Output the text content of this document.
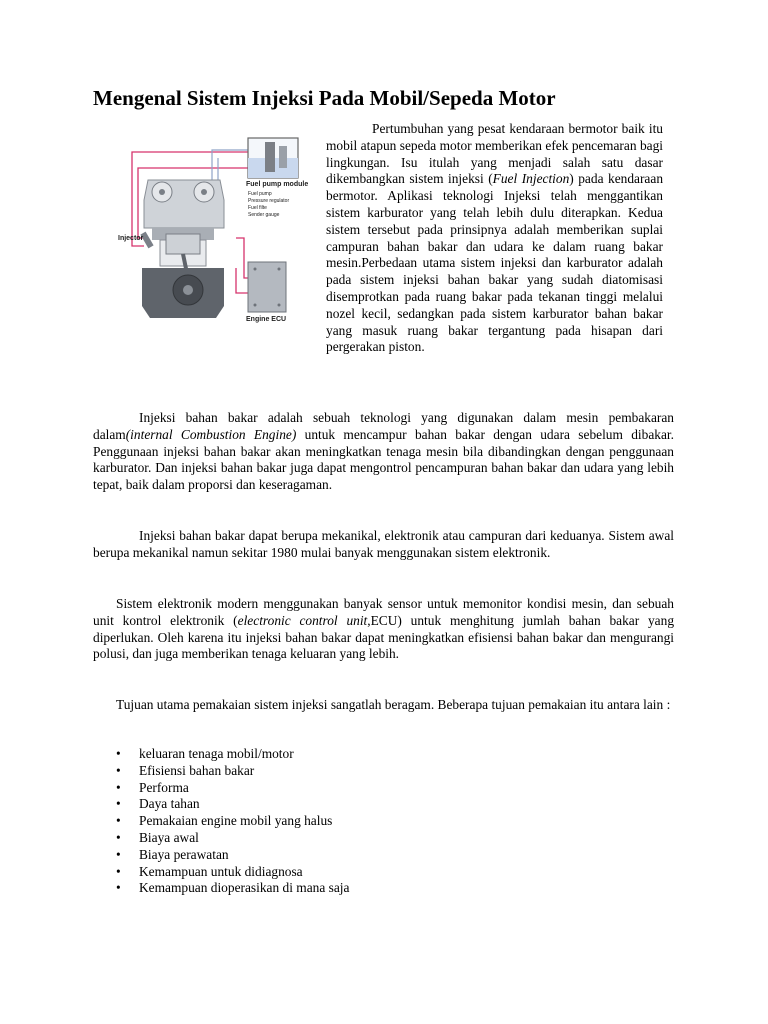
Mengenal Sistem Injeksi Pada Mobil/Sepeda Motor
Fuel pump module
Fuel pump
Pressure regulator
Fuel filte
Sender gauge
Injector
Engine ECU

Pertumbuhan yang pesat kendaraan bermotor baik itu mobil atapun sepeda motor memberikan efek pencemaran bagi lingkungan. Isu itulah yang menjadi salah satu dasar dikembangkan sistem injeksi (Fuel Injection) pada kendaraan bermotor. Aplikasi teknologi Injeksi telah menggantikan sistem karburator yang telah lebih dulu diterapkan. Kedua sistem tersebut pada prinsipnya adalah memberikan suplai campuran bahan bakar dan udara ke dalam ruang bakar mesin.Perbedaan utama sistem injeksi dan karburator adalah pada sistem injeksi bahan bakar yang sudah diatomisasi disemprotkan pada ruang bakar pada tekanan tinggi melalui nozel kecil, sedangkan pada sistem karburator bahan bakar yang masuk ruang bakar tergantung pada hisapan dari pergerakan piston.

Injeksi bahan bakar adalah sebuah teknologi yang digunakan dalam mesin pembakaran dalam(internal Combustion Engine) untuk mencampur bahan bakar dengan udara sebelum dibakar. Penggunaan injeksi bahan bakar akan meningkatkan tenaga mesin bila dibandingkan dengan penggunaan karburator. Dan injeksi bahan bakar juga dapat mengontrol pencampuran bahan bakar dan udara yang lebih tepat, baik dalam proporsi dan keseragaman.

Injeksi bahan bakar dapat berupa mekanikal, elektronik atau campuran dari keduanya. Sistem awal berupa mekanikal namun sekitar 1980 mulai banyak menggunakan sistem elektronik.

Sistem elektronik modern menggunakan banyak sensor untuk memonitor kondisi mesin, dan sebuah unit kontrol elektronik (electronic control unit,ECU) untuk menghitung jumlah bahan bakar yang diperlukan. Oleh karena itu injeksi bahan bakar dapat meningkatkan efisiensi bahan bakar dan mengurangi polusi, dan juga memberikan tenaga keluaran yang lebih.

Tujuan utama pemakaian sistem injeksi sangatlah beragam. Beberapa tujuan pemakaian itu antara lain :

• keluaran tenaga mobil/motor
• Efisiensi bahan bakar
• Performa
• Daya tahan
• Pemakaian engine mobil yang halus
• Biaya awal
• Biaya perawatan
• Kemampuan untuk didiagnosa
• Kemampuan dioperasikan di mana saja
